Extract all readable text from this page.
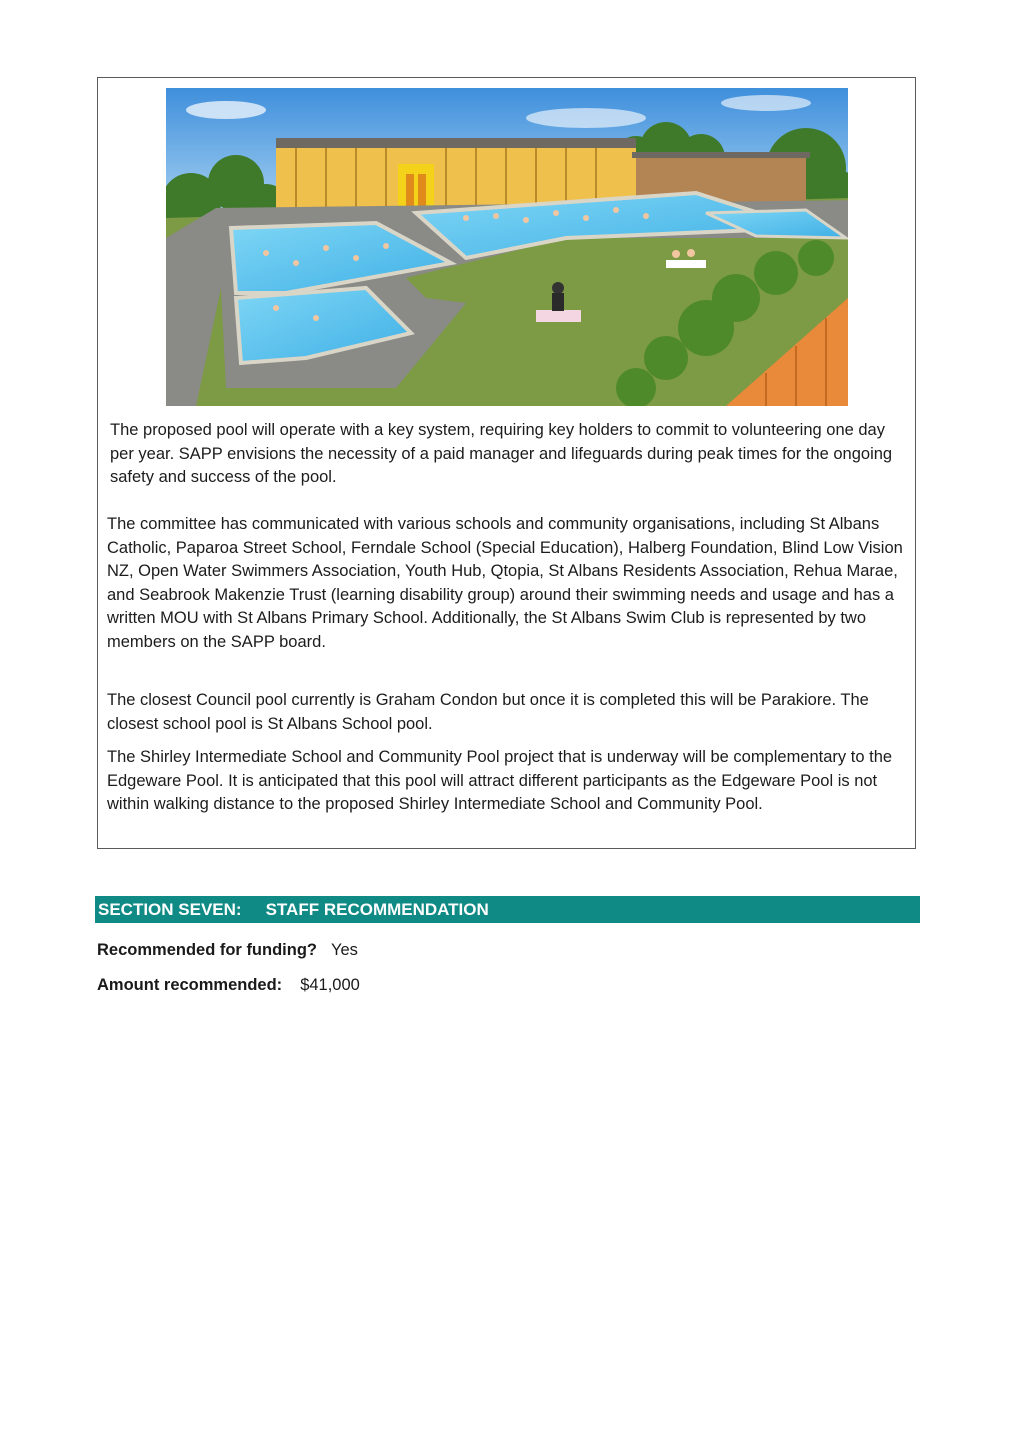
The proposed pool will operate with a key system, requiring key holders to commit to volunteering one day per year. SAPP envisions the necessity of a paid manager and lifeguards during peak times for the ongoing safety and success of the pool.

The committee has communicated with various schools and community organisations, including St Albans Catholic, Paparoa Street School, Ferndale School (Special Education), Halberg Foundation, Blind Low Vision NZ, Open Water Swimmers Association, Youth Hub, Qtopia, St Albans Residents Association, Rehua Marae, and Seabrook Makenzie Trust (learning disability group) around their swimming needs and usage and has a written MOU with St Albans Primary School. Additionally, the St Albans Swim Club is represented by two members on the SAPP board.

The closest Council pool currently is Graham Condon but once it is completed this will be Parakiore. The closest school pool is St Albans School pool.

The Shirley Intermediate School and Community Pool project that is underway will be complementary to the Edgeware Pool. It is anticipated that this pool will attract different participants as the Edgeware Pool is not within walking distance to the proposed Shirley Intermediate School and Community Pool.

SECTION SEVEN: STAFF RECOMMENDATION
Recommended for funding? Yes
Amount recommended: $41,000
